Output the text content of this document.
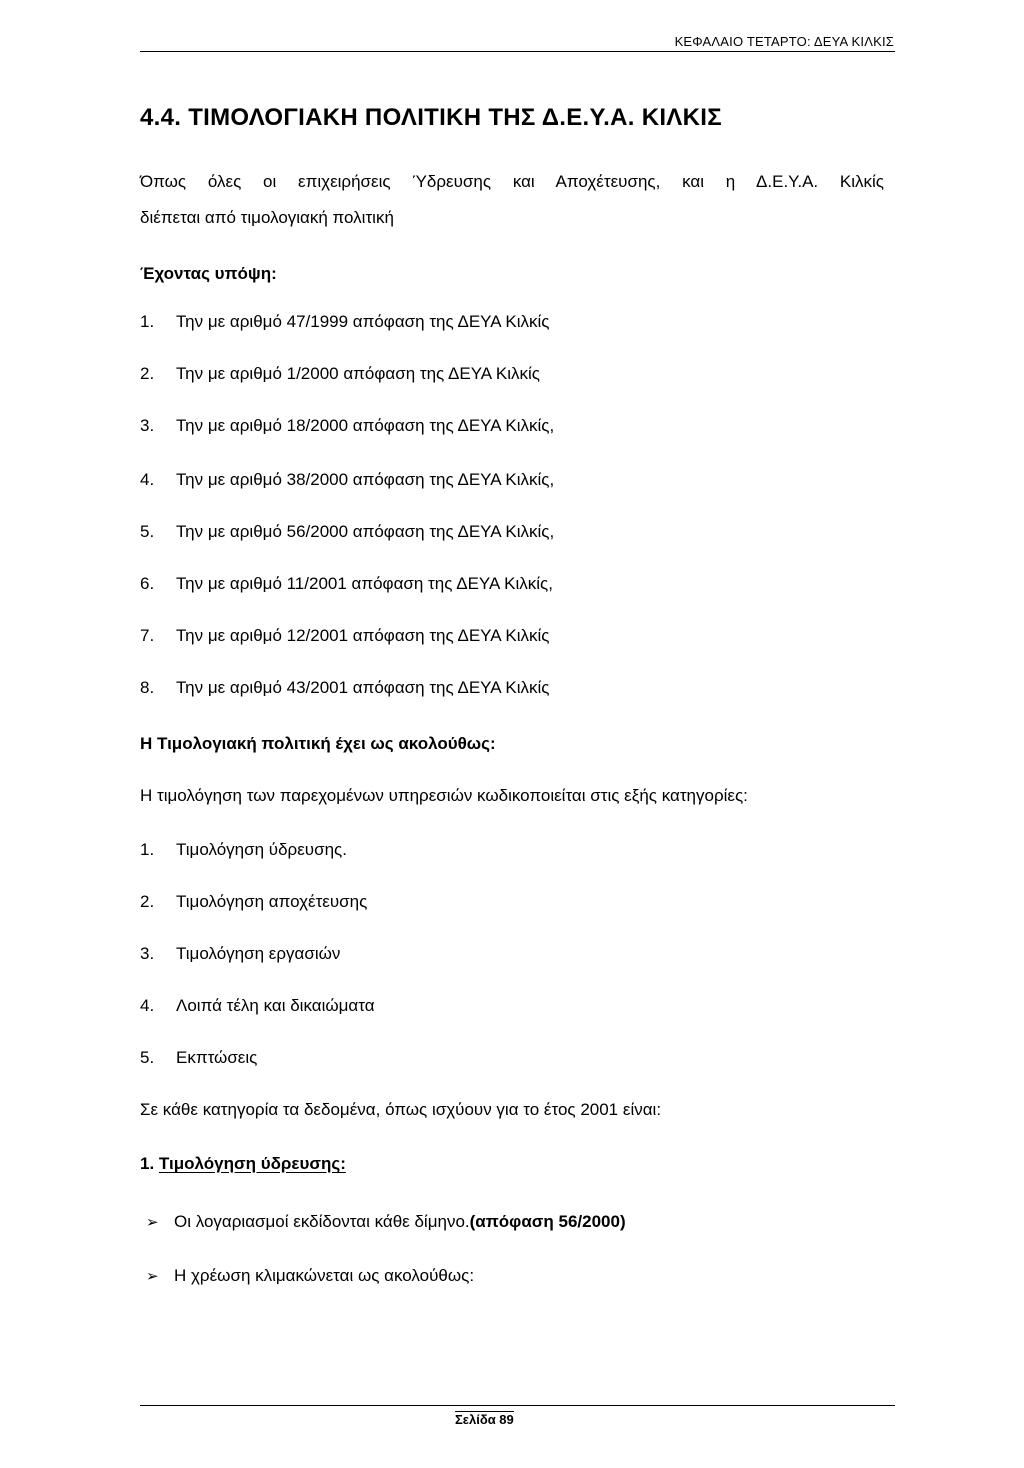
ΚΕΦΑΛΑΙΟ ΤΕΤΑΡΤΟ: ΔΕΥΑ ΚΙΛΚΙΣ
4.4. ΤΙΜΟΛΟΓΙΑΚΗ ΠΟΛΙΤΙΚΗ ΤΗΣ Δ.Ε.Υ.Α. ΚΙΛΚΙΣ
Όπως όλες οι επιχειρήσεις Ύδρευσης και Αποχέτευσης, και η Δ.Ε.Υ.Α. Κιλκίς
διέπεται από τιμολογιακή πολιτική
Έχοντας υπόψη:
1. Την με αριθμό 47/1999 απόφαση της ΔΕΥΑ Κιλκίς
2. Την με αριθμό 1/2000 απόφαση της ΔΕΥΑ Κιλκίς
3. Την με αριθμό 18/2000 απόφαση της ΔΕΥΑ Κιλκίς,
4. Την με αριθμό 38/2000 απόφαση της ΔΕΥΑ Κιλκίς,
5. Την με αριθμό 56/2000 απόφαση της ΔΕΥΑ Κιλκίς,
6. Την με αριθμό 11/2001 απόφαση της ΔΕΥΑ Κιλκίς,
7. Την με αριθμό 12/2001 απόφαση της ΔΕΥΑ Κιλκίς
8. Την με αριθμό 43/2001 απόφαση της ΔΕΥΑ Κιλκίς
Η Τιμολογιακή πολιτική έχει ως ακολούθως:
Η τιμολόγηση των παρεχομένων υπηρεσιών κωδικοποιείται στις εξής κατηγορίες:
1. Τιμολόγηση ύδρευσης.
2. Τιμολόγηση αποχέτευσης
3. Τιμολόγηση εργασιών
4. Λοιπά τέλη και δικαιώματα
5. Εκπτώσεις
Σε κάθε κατηγορία τα δεδομένα, όπως ισχύουν για το έτος 2001 είναι:
1. Τιμολόγηση ύδρευσης:
➢ Οι λογαριασμοί εκδίδονται κάθε δίμηνο.(απόφαση 56/2000)
➢ Η χρέωση κλιμακώνεται ως ακολούθως:
Σελίδα 89
